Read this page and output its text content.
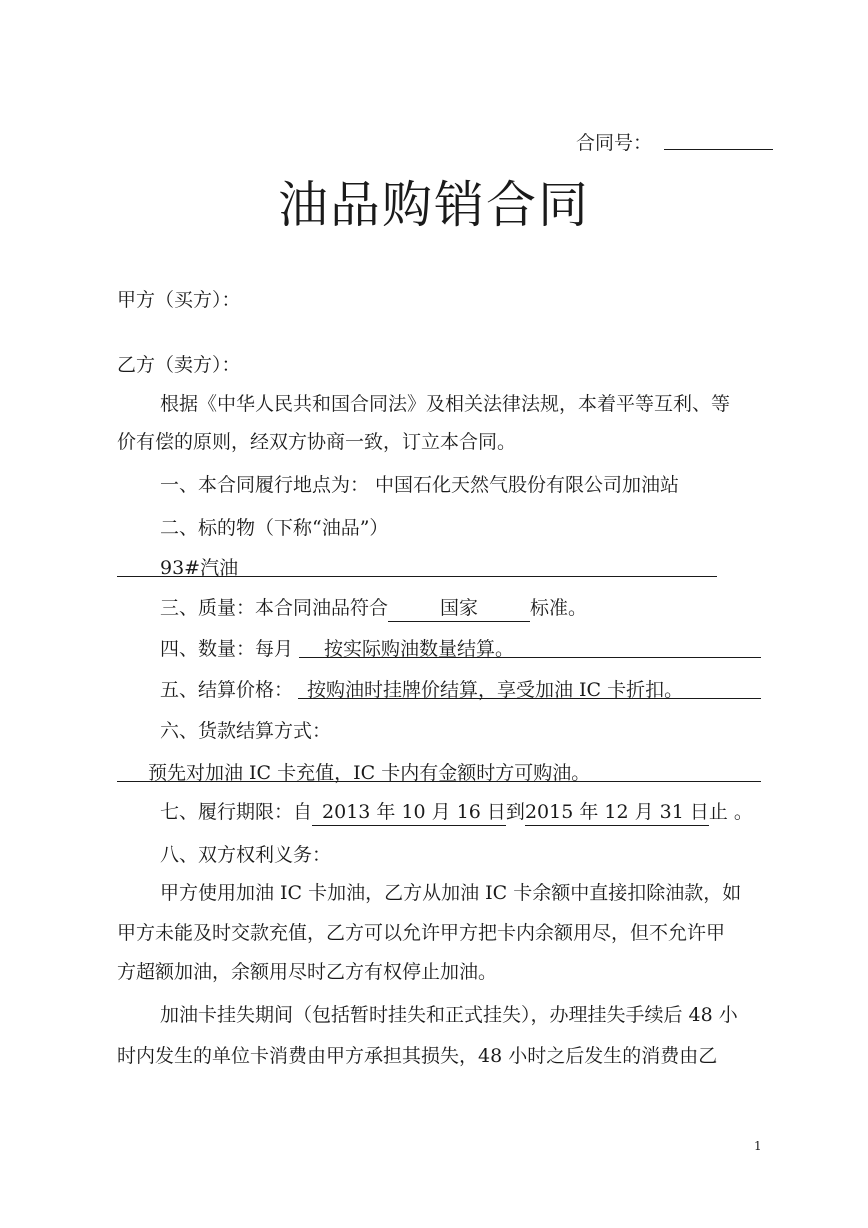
合同号：
油品购销合同
甲方（买方）：
乙方（卖方）：
根据《中华人民共和国合同法》及相关法律法规，本着平等互利、等
价有偿的原则，经双方协商一致，订立本合同。
一、本合同履行地点为： 中国石化天然气股份有限公司加油站
二、标的物（下称“油品”）
93#汽油
三、质量：本合同油品符合	国家	标准。
四、数量：每月 按实际购油数量结算。
五、结算价格： 按购油时挂牌价结算，享受加油 IC 卡折扣。
六、货款结算方式：
预先对加油 IC 卡充值，IC 卡内有金额时方可购油。
七、履行期限：自 2013 年 10 月 16 日到2015 年 12 月 31 日止 。
八、双方权利义务：
甲方使用加油 IC 卡加油，乙方从加油 IC 卡余额中直接扣除油款，如
甲方未能及时交款充值，乙方可以允许甲方把卡内余额用尽，但不允许甲
方超额加油，余额用尽时乙方有权停止加油。
加油卡挂失期间（包括暂时挂失和正式挂失），办理挂失手续后 48 小
时内发生的单位卡消费由甲方承担其损失，48 小时之后发生的消费由乙
1
